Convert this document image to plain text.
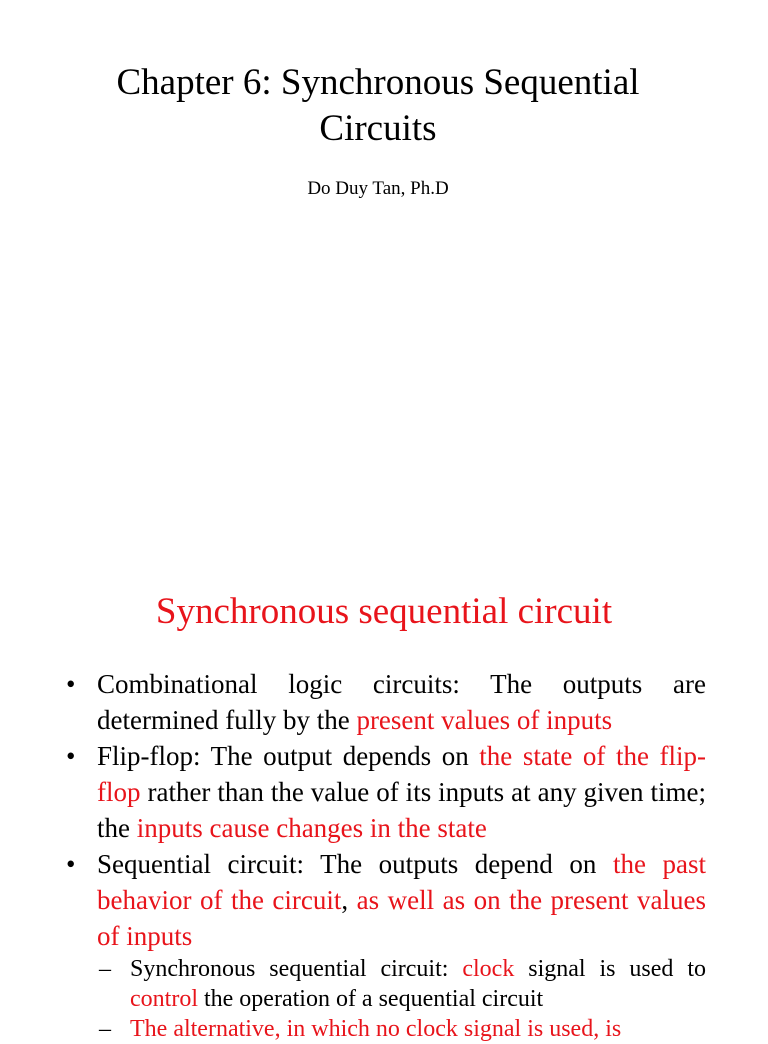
Chapter 6: Synchronous Sequential
Circuits
Do Duy Tan, Ph.D
Synchronous sequential circuit
• Combinational logic circuits: The outputs are determined fully by the present values of inputs
• Flip-flop: The output depends on the state of the flip-flop rather than the value of its inputs at any given time; the inputs cause changes in the state
• Sequential circuit: The outputs depend on the past behavior of the circuit, as well as on the present values of inputs
– Synchronous sequential circuit: clock signal is used to control the operation of a sequential circuit
– The alternative, in which no clock signal is used, is
